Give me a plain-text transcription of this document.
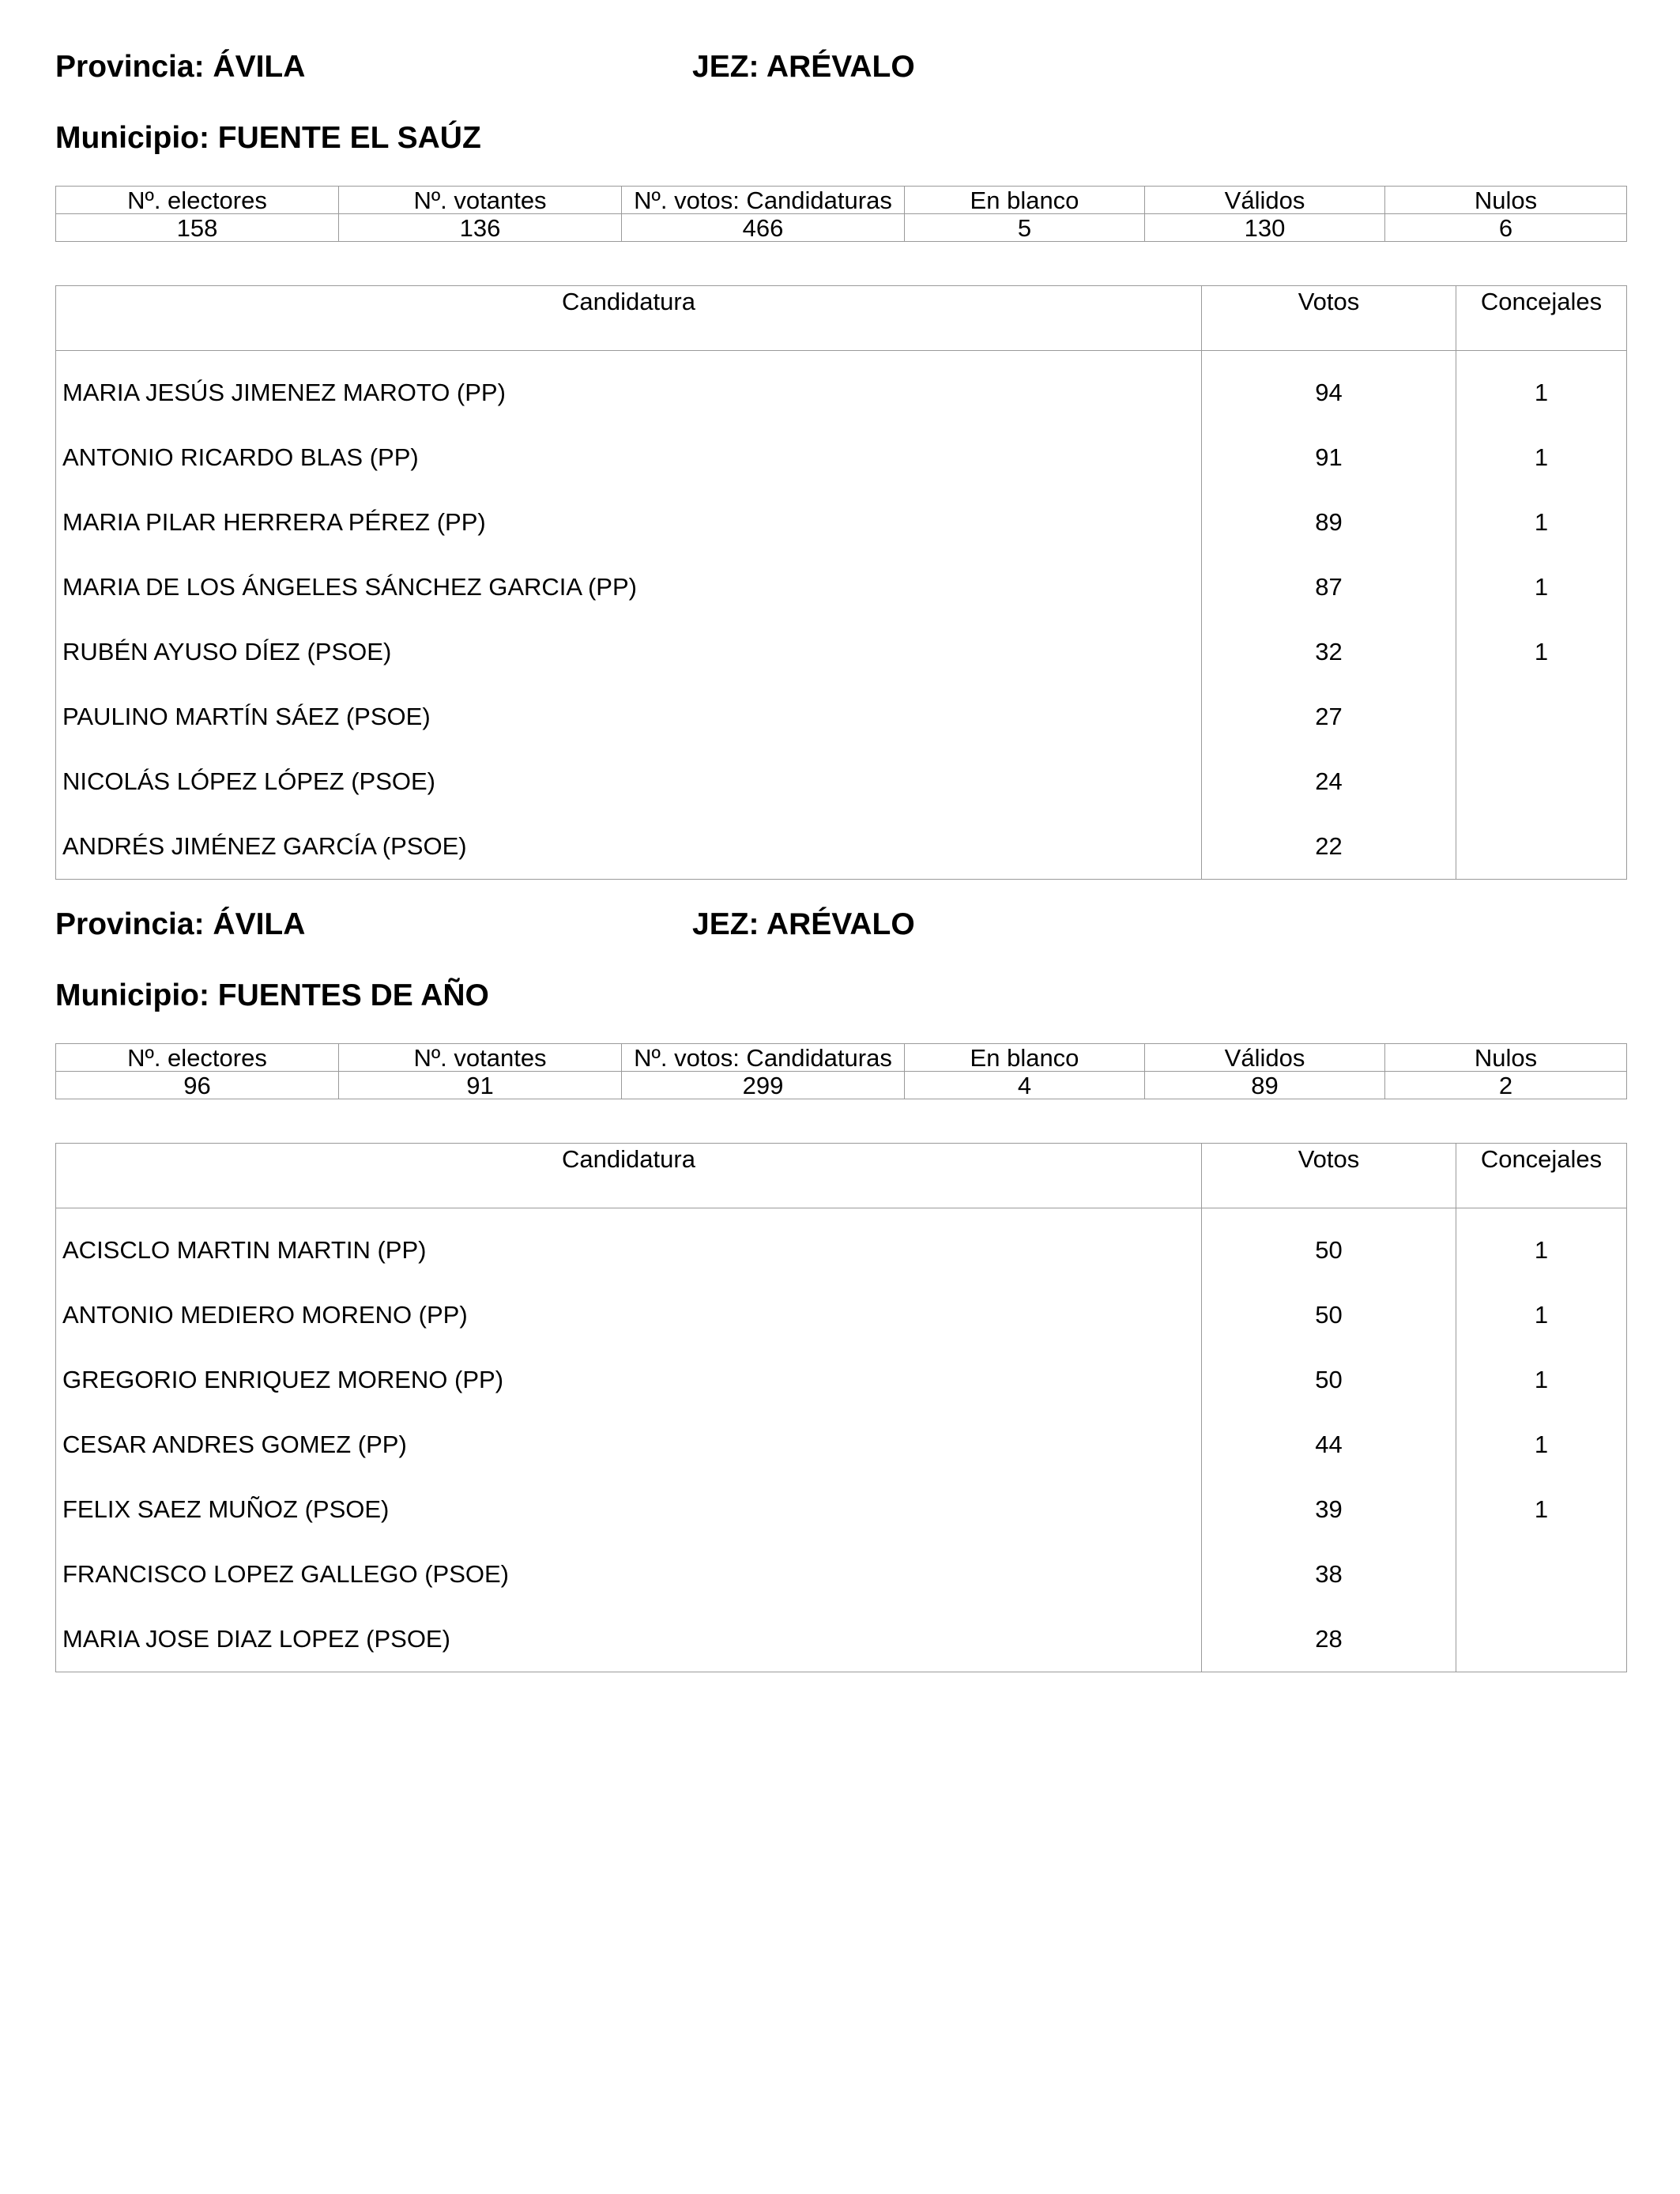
Provincia: ÁVILA	JEZ: ARÉVALO
Municipio: FUENTE EL SAÚZ
Nº. electores	Nº. votantes	Nº. votos: Candidaturas	En blanco	Válidos	Nulos
158	136	466	5	130	6
Candidatura	Votos	Concejales
MARIA JESÚS JIMENEZ MAROTO (PP)	94	1
ANTONIO RICARDO BLAS (PP)	91	1
MARIA PILAR HERRERA PÉREZ (PP)	89	1
MARIA DE LOS ÁNGELES SÁNCHEZ GARCIA (PP)	87	1
RUBÉN AYUSO DÍEZ (PSOE)	32	1
PAULINO MARTÍN SÁEZ (PSOE)	27	
NICOLÁS LÓPEZ LÓPEZ (PSOE)	24	
ANDRÉS JIMÉNEZ GARCÍA (PSOE)	22	
Provincia: ÁVILA	JEZ: ARÉVALO
Municipio: FUENTES DE AÑO
Nº. electores	Nº. votantes	Nº. votos: Candidaturas	En blanco	Válidos	Nulos
96	91	299	4	89	2
Candidatura	Votos	Concejales
ACISCLO MARTIN MARTIN (PP)	50	1
ANTONIO MEDIERO MORENO (PP)	50	1
GREGORIO ENRIQUEZ MORENO (PP)	50	1
CESAR ANDRES GOMEZ (PP)	44	1
FELIX SAEZ MUÑOZ (PSOE)	39	1
FRANCISCO LOPEZ GALLEGO (PSOE)	38	
MARIA JOSE DIAZ LOPEZ (PSOE)	28	
